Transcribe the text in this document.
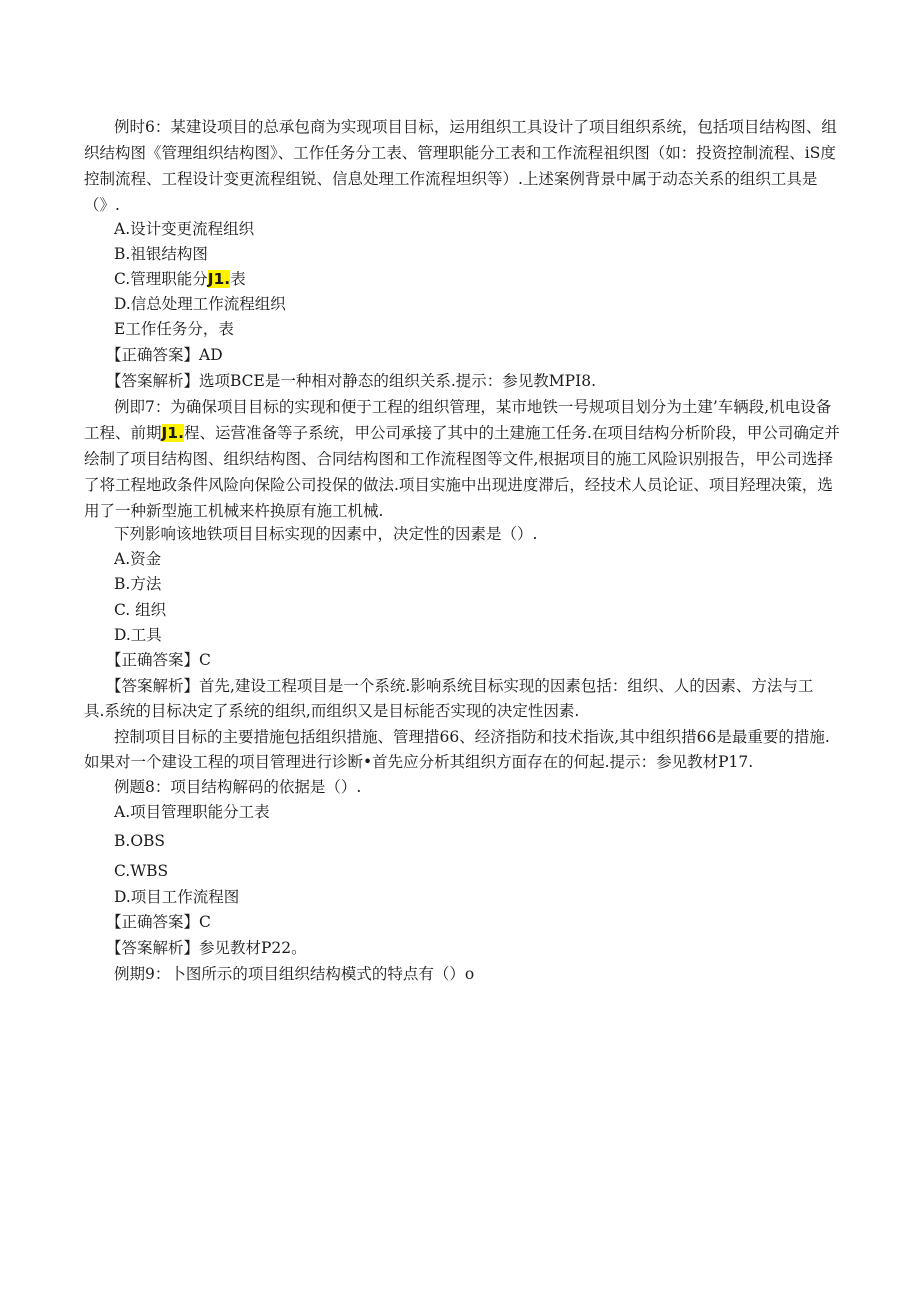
例时6：某建设项目的总承包商为实现项目目标，运用组织工具设计了项目组织系统，包括项目结构图、组
织结构图《管理组织结构图》、工作任务分工表、管理职能分工表和工作流程祖织图（如：投资控制流程、iS度
控制流程、工程设计变更流程组锐、信息处理工作流程坦织等）.上述案例背景中属于动态关系的组织工具是
（》.
A.设计变更流程组织
B.祖银结构图
C.管理职能分J1.表
D.信总处理工作流程组织
E工作任务分，表
【正确答案】AD
【答案解析】选项BCE是一种相对静态的组织关系.提示：参见教MPI8.
例即7：为确保项目目标的实现和便于工程的组织管理，某市地铁一号规项目划分为土建’车辆段,机电设备
工程、前期J1.程、运营准备等子系统，甲公司承接了其中的土建施工任务.在项目结构分析阶段，甲公司确定并
绘制了项目结构图、组织结构图、合同结构图和工作流程图等文件,根据项目的施工风险识别报告，甲公司选择
了将工程地政条件风险向保险公司投保的做法.项目实施中出现进度滞后，经技术人员论证、项目羟理决策，选
用了一种新型施工机械来杵换原有施工机械.
下列影响该地铁项目目标实现的因素中，决定性的因素是（）.
A.资金
B.方法
C. 组织
D.工具
【正确答案】C
【答案解析】首先,建设工程项目是一个系统.影响系统目标实现的因素包括：组织、人的因素、方法与工
具.系统的目标决定了系统的组织,而组织又是目标能否实现的决定性因素.
控制项目目标的主要措施包括组织措施、管理措66、经济指防和技术指诙,其中组织措66是最重要的措施.
如果对一个建设工程的项目管理进行诊断•首先应分析其组织方面存在的何起.提示：参见教材P17.
例题8：项目结构解码的依据是（）.
A.项目管理职能分工表
B.OBS
C.WBS
D.项目工作流程图
【正确答案】C
【答案解析】参见教材P22。
例期9：卜图所示的项目组织结构模式的特点有（）o
